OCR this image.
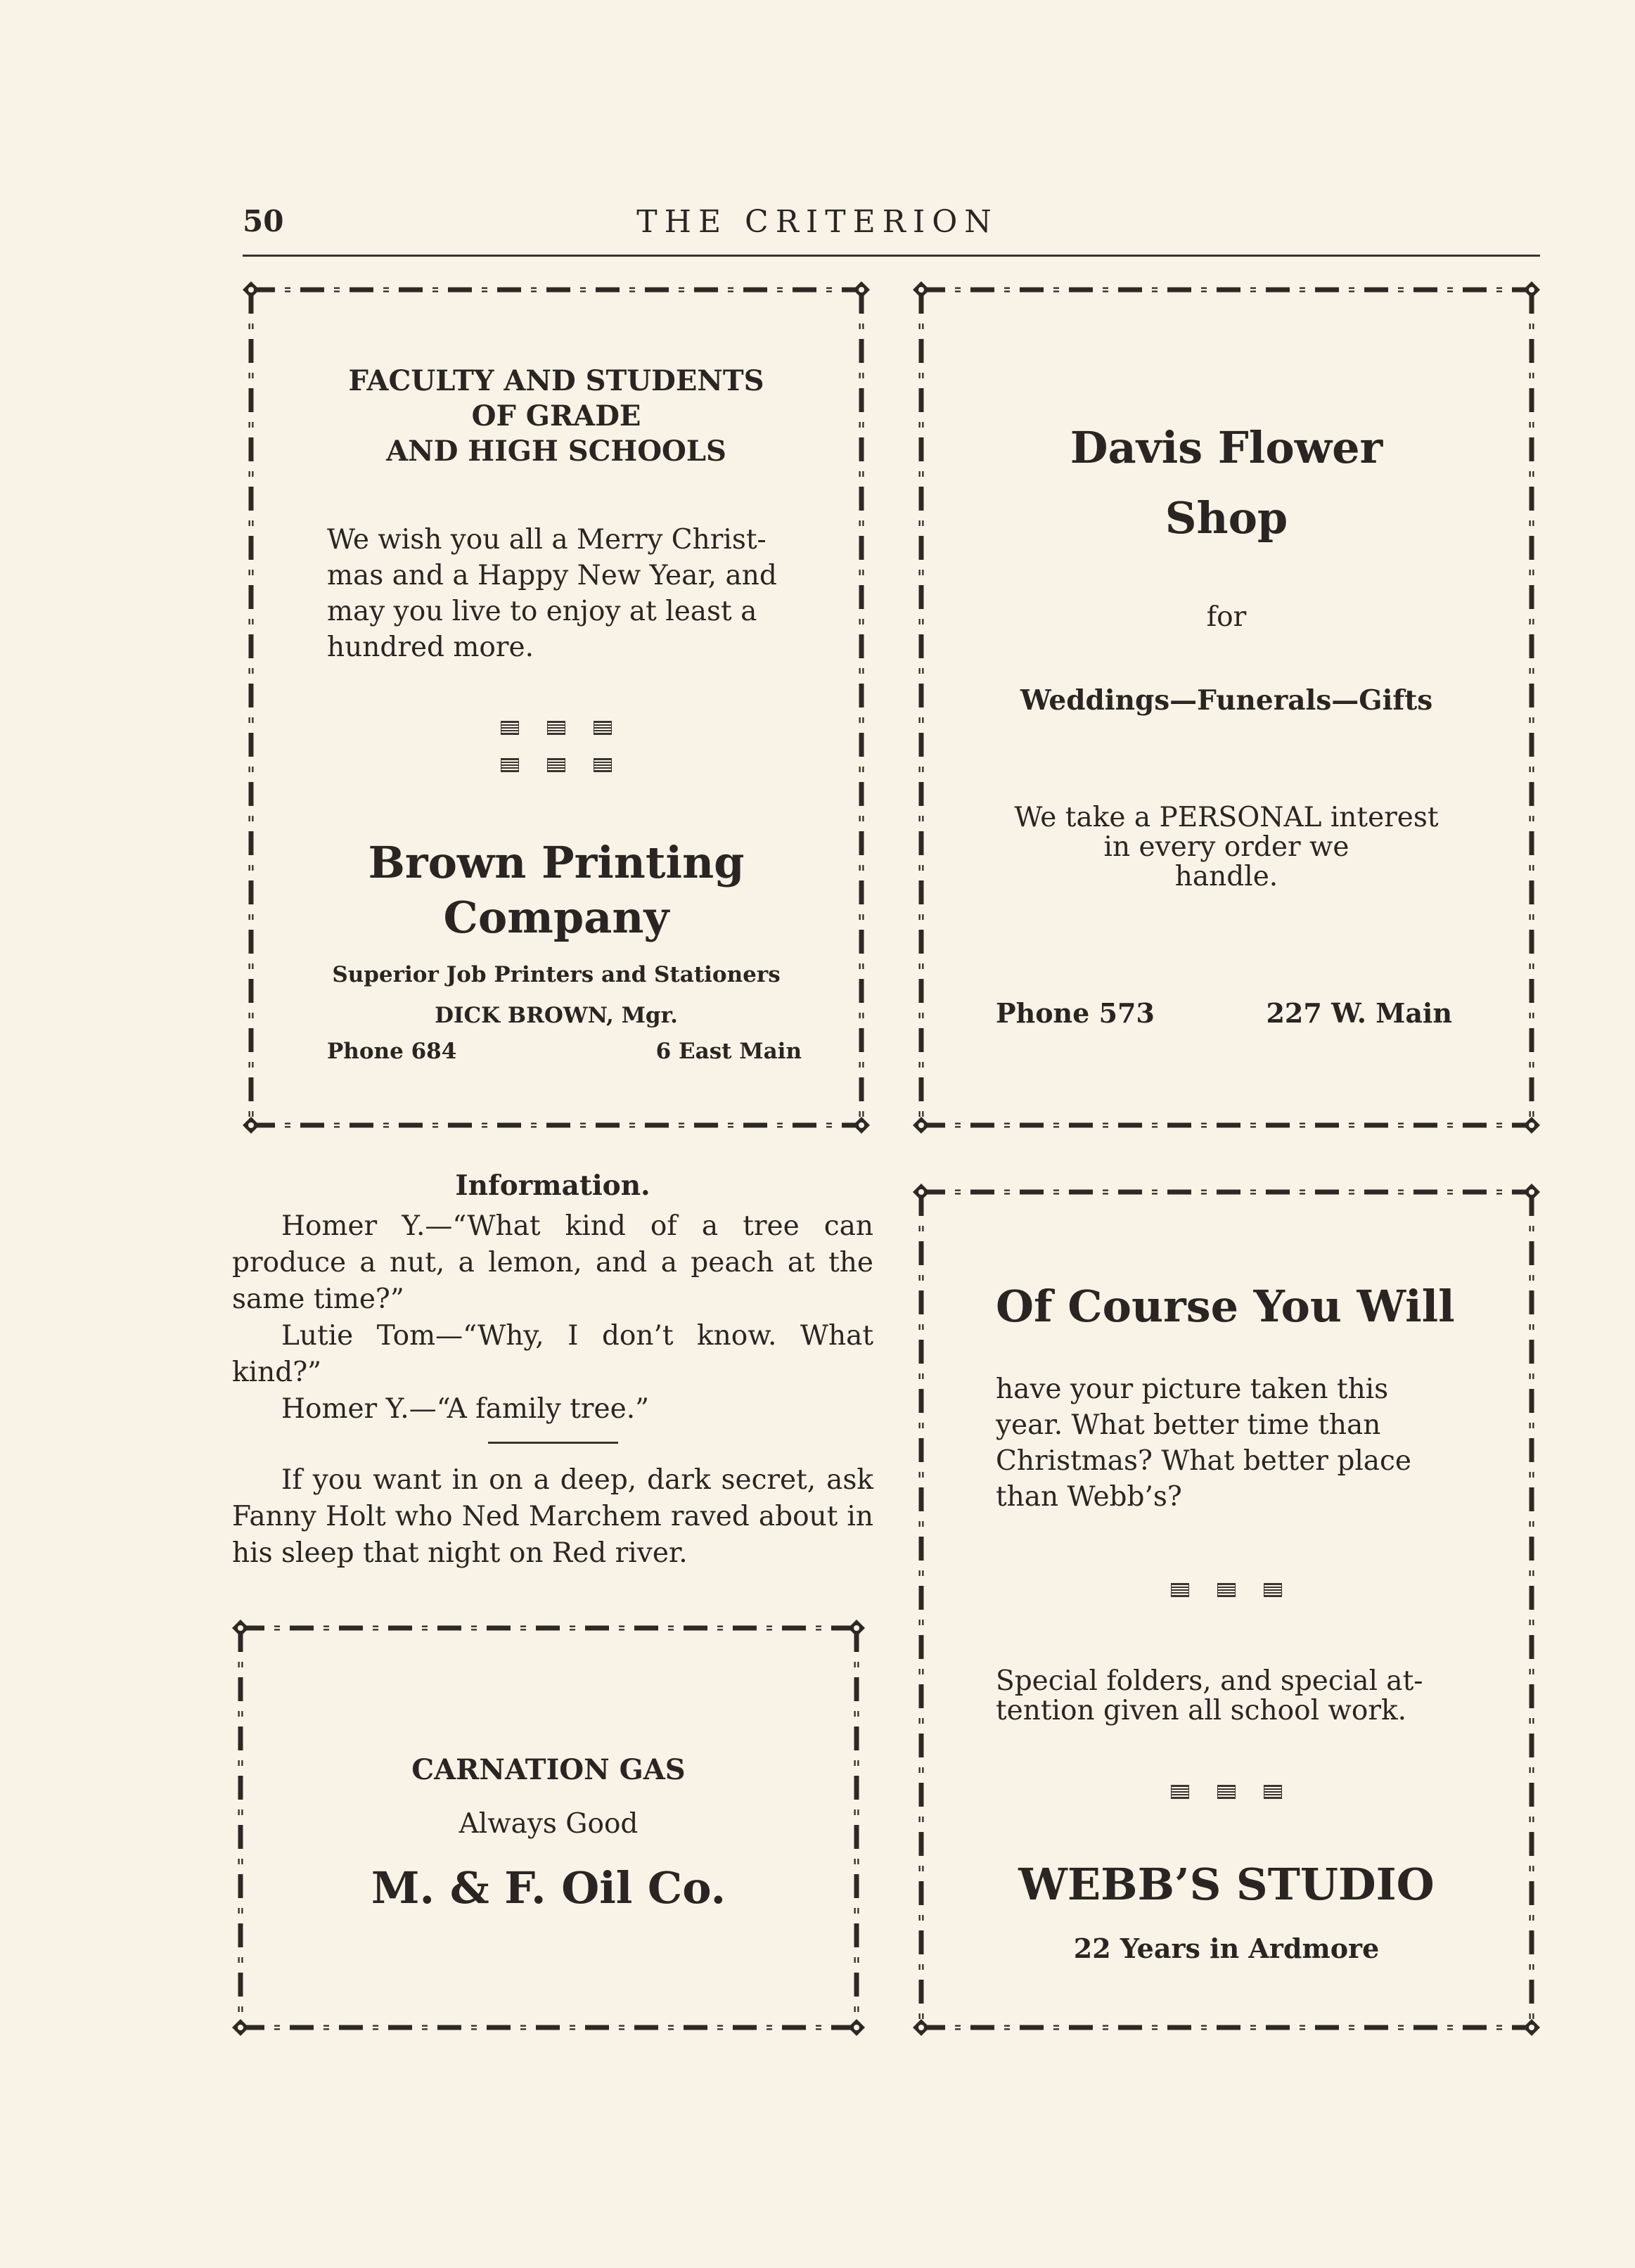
50	THE CRITERION
FACULTY AND STUDENTS
OF GRADE
AND HIGH SCHOOLS
We wish you all a Merry Christ-
mas and a Happy New Year, and
may you live to enjoy at least a
hundred more.
Brown Printing
Company
Superior Job Printers and Stationers
DICK BROWN, Mgr.
Phone 684	6 East Main
Davis Flower
Shop
for
Weddings—Funerals—Gifts
We take a PERSONAL interest
in every order we
handle.
Phone 573	227 W. Main
Information.

Homer Y.—“What kind of a tree can produce a nut, a lemon, and a peach at the same time?”

Lutie Tom—“Why, I don’t know. What kind?”

Homer Y.—“A family tree.”

If you want in on a deep, dark secret, ask Fanny Holt who Ned Marchem raved about in his sleep that night on Red river.

Of Course You Will
have your picture taken this
year. What better time than
Christmas? What better place
than Webb’s?
Special folders, and special at-
tention given all school work.
WEBB’S STUDIO
22 Years in Ardmore
CARNATION GAS
Always Good
M. & F. Oil Co.
